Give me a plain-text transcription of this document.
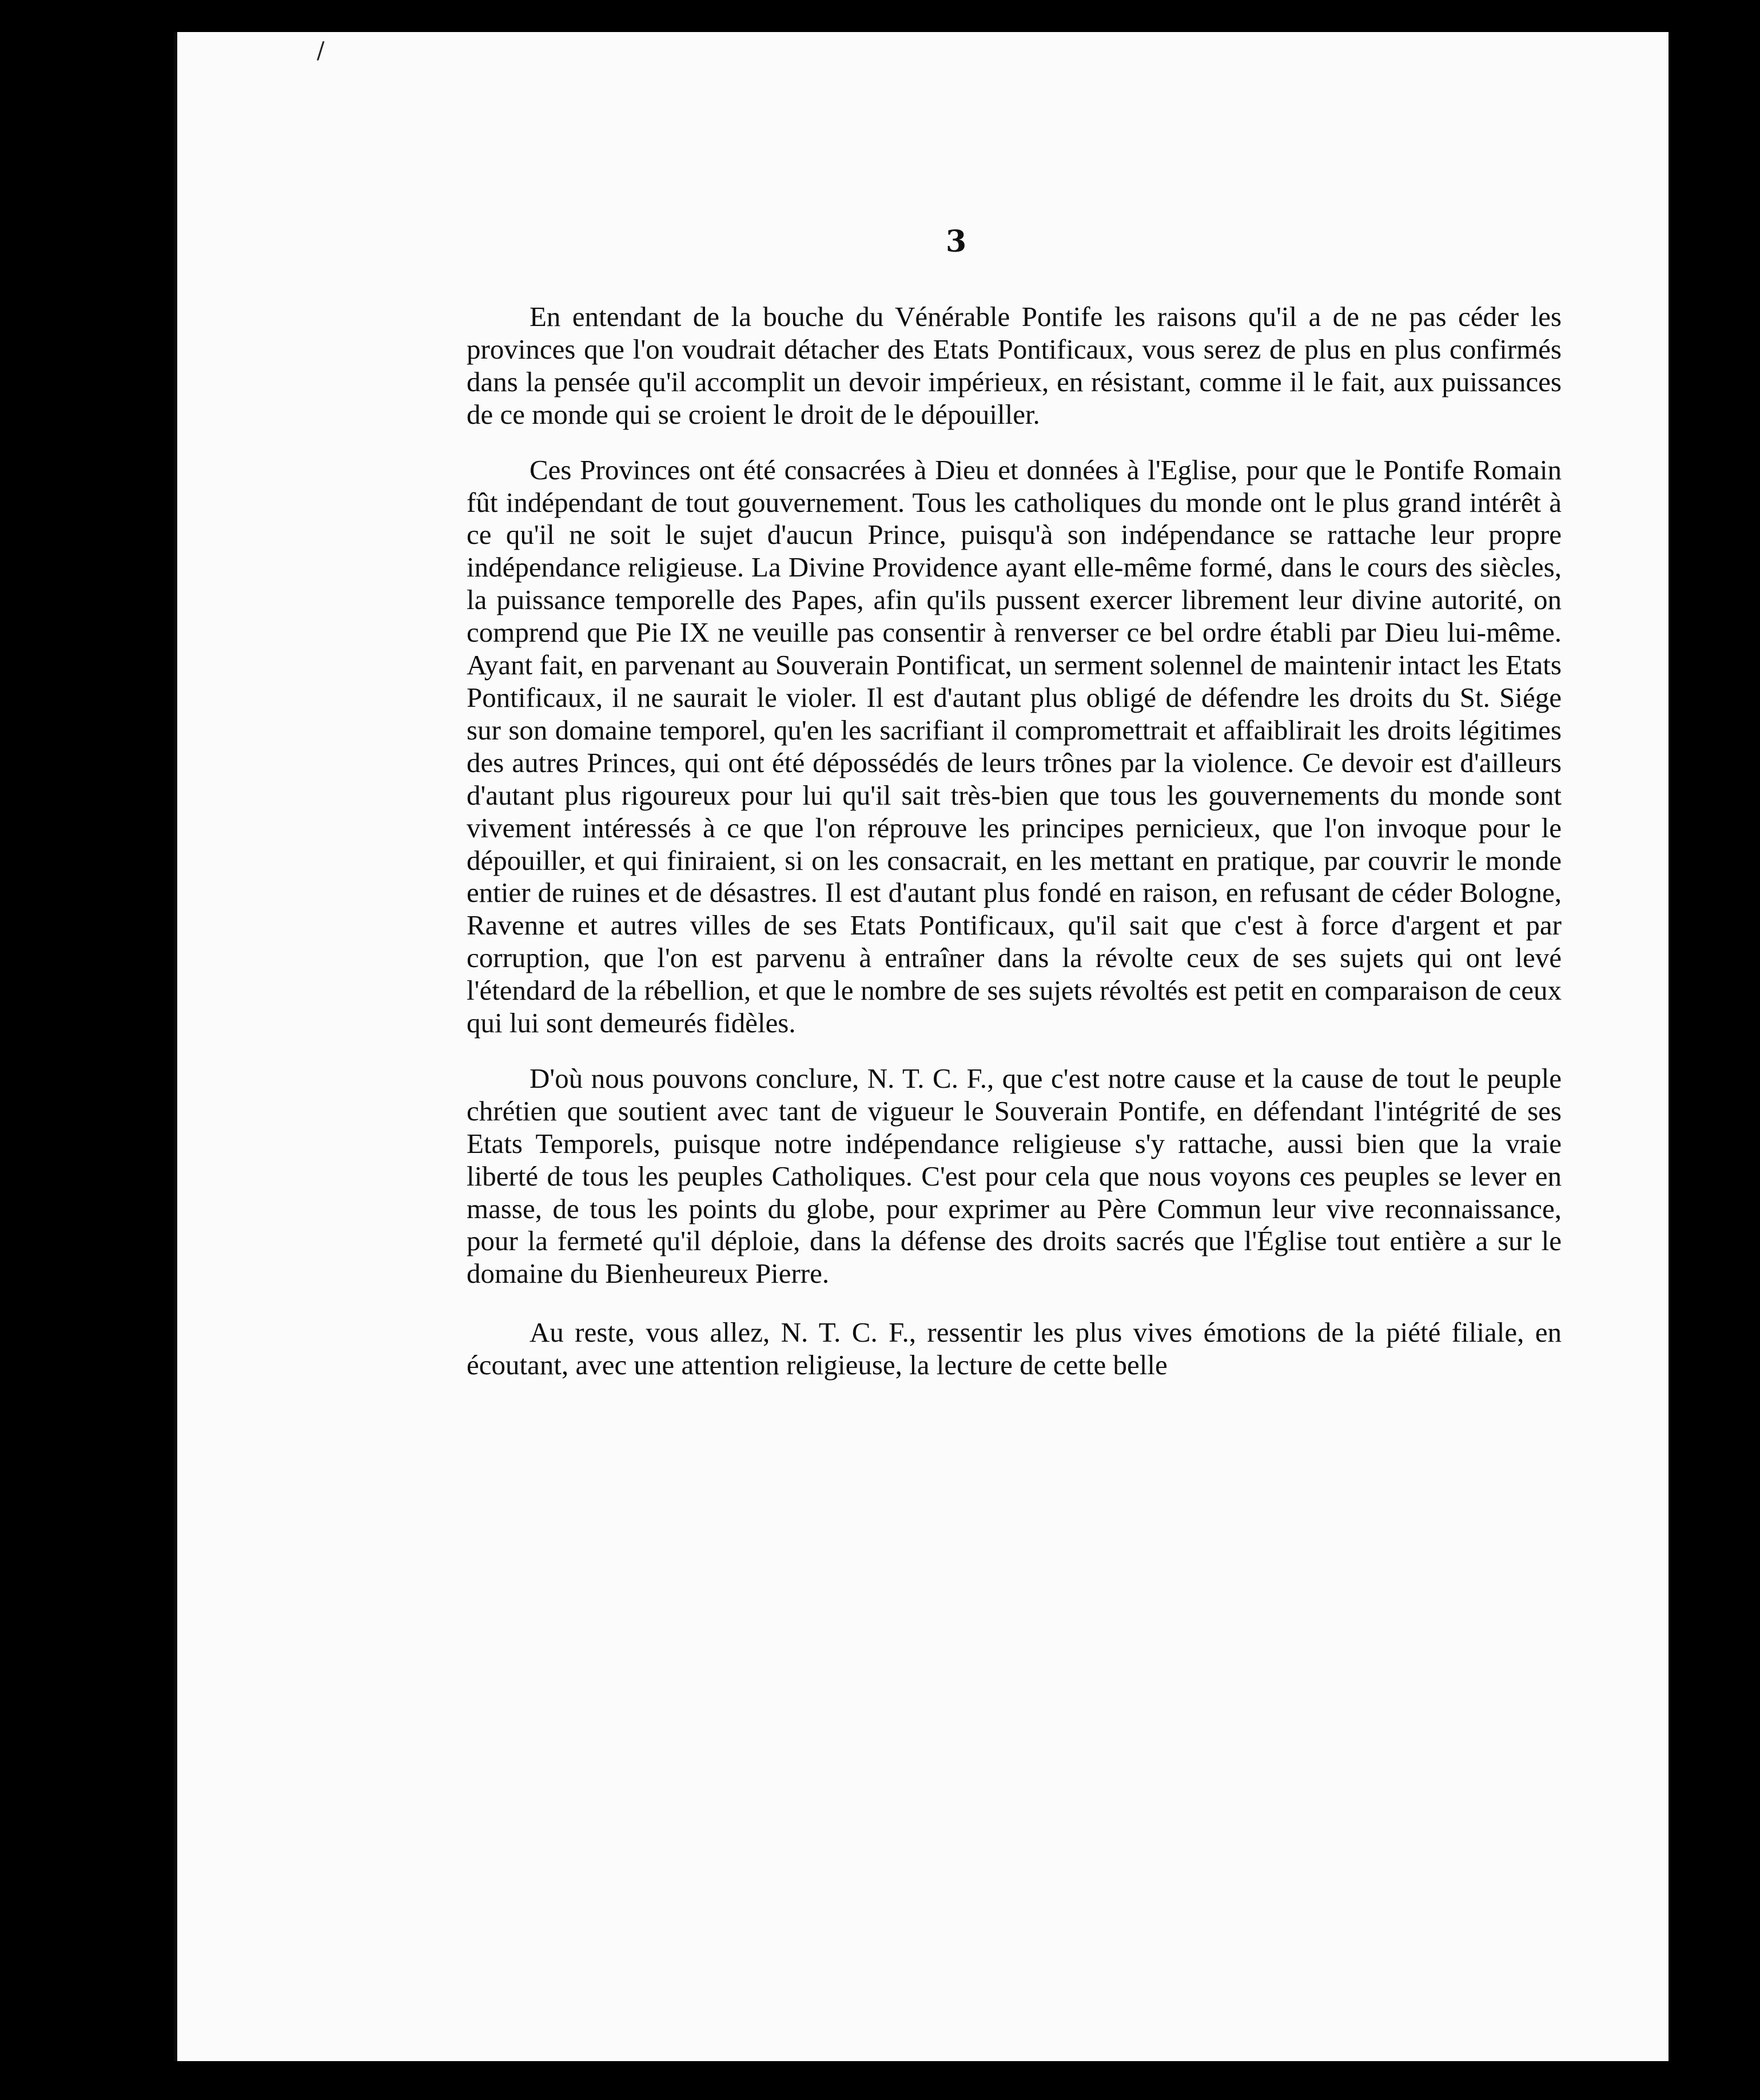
/
3

En entendant de la bouche du Vénérable Pontife les raisons qu'il a de ne pas céder les provinces que l'on voudrait détacher des Etats Pontificaux, vous serez de plus en plus confirmés dans la pensée qu'il accomplit un devoir impérieux, en résistant, comme il le fait, aux puissances de ce monde qui se croient le droit de le dépouiller.

Ces Provinces ont été consacrées à Dieu et données à l'Eglise, pour que le Pontife Romain fût indépendant de tout gouvernement. Tous les catholiques du monde ont le plus grand intérêt à ce qu'il ne soit le sujet d'aucun Prince, puisqu'à son indépendance se rattache leur propre indépendance religieuse. La Divine Providence ayant elle-même formé, dans le cours des siècles, la puissance temporelle des Papes, afin qu'ils pussent exercer librement leur divine autorité, on comprend que Pie IX ne veuille pas consentir à renverser ce bel ordre établi par Dieu lui-même. Ayant fait, en parvenant au Souverain Pontificat, un serment solennel de maintenir intact les Etats Pontificaux, il ne saurait le violer. Il est d'autant plus obligé de défendre les droits du St. Siége sur son domaine temporel, qu'en les sacrifiant il compromettrait et affaiblirait les droits légitimes des autres Princes, qui ont été dépossédés de leurs trônes par la violence. Ce devoir est d'ailleurs d'autant plus rigoureux pour lui qu'il sait très-bien que tous les gouvernements du monde sont vivement intéressés à ce que l'on réprouve les principes pernicieux, que l'on invoque pour le dépouiller, et qui finiraient, si on les consacrait, en les mettant en pratique, par couvrir le monde entier de ruines et de désastres. Il est d'autant plus fondé en raison, en refusant de céder Bologne, Ravenne et autres villes de ses Etats Pontificaux, qu'il sait que c'est à force d'argent et par corruption, que l'on est parvenu à entraîner dans la révolte ceux de ses sujets qui ont levé l'étendard de la rébellion, et que le nombre de ses sujets révoltés est petit en comparaison de ceux qui lui sont demeurés fidèles.

D'où nous pouvons conclure, N. T. C. F., que c'est notre cause et la cause de tout le peuple chrétien que soutient avec tant de vigueur le Souverain Pontife, en défendant l'intégrité de ses Etats Temporels, puisque notre indépendance religieuse s'y rattache, aussi bien que la vraie liberté de tous les peuples Catholiques. C'est pour cela que nous voyons ces peuples se lever en masse, de tous les points du globe, pour exprimer au Père Commun leur vive reconnaissance, pour la fermeté qu'il déploie, dans la défense des droits sacrés que l'Église tout entière a sur le domaine du Bienheureux Pierre.

Au reste, vous allez, N. T. C. F., ressentir les plus vives émotions de la piété filiale, en écoutant, avec une attention religieuse, la lecture de cette belle
